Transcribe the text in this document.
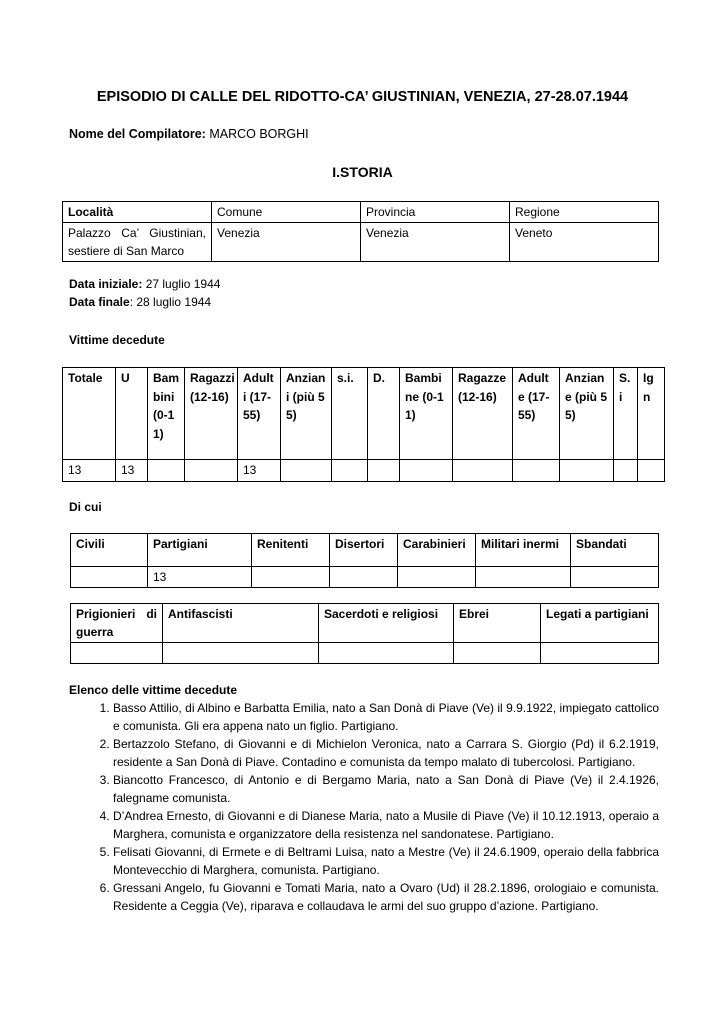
EPISODIO DI CALLE DEL RIDOTTO-CA’ GIUSTINIAN, VENEZIA, 27-28.07.1944
Nome del Compilatore: MARCO BORGHI
I.STORIA
Località	Comune	Provincia	Regione
Palazzo Ca’ Giustinian, sestiere di San Marco	Venezia	Venezia	Veneto
Data iniziale: 27 luglio 1944
Data finale: 28 luglio 1944
Vittime decedute
Totale	U	Bambini (0-11)	Ragazzi (12-16)	Adulti (17-55)	Anziani (più 55)	s.i.	D.	Bambine (0-11)	Ragazze (12-16)	Adulte (17-55)	Anziane (più 55)	S. i	Ign
13	13			13									
Di cui
Civili	Partigiani	Renitenti	Disertori	Carabinieri	Militari inermi	Sbandati
	13					
Prigionieri di guerra	Antifascisti	Sacerdoti e religiosi	Ebrei	Legati a partigiani

Elenco delle vittime decedute
1. Basso Attilio, di Albino e Barbatta Emilia, nato a San Donà di Piave (Ve) il 9.9.1922, impiegato cattolico e comunista. Gli era appena nato un figlio. Partigiano.
2. Bertazzolo Stefano, di Giovanni e di Michielon Veronica, nato a Carrara S. Giorgio (Pd) il 6.2.1919, residente a San Donà di Piave. Contadino e comunista da tempo malato di tubercolosi. Partigiano.
3. Biancotto Francesco, di Antonio e di Bergamo Maria, nato a San Donà di Piave (Ve) il 2.4.1926, falegname comunista.
4. D’Andrea Ernesto, di Giovanni e di Dianese Maria, nato a Musile di Piave (Ve) il 10.12.1913, operaio a Marghera, comunista e organizzatore della resistenza nel sandonatese. Partigiano.
5. Felisati Giovanni, di Ermete e di Beltrami Luisa, nato a Mestre (Ve) il 24.6.1909, operaio della fabbrica Montevecchio di Marghera, comunista. Partigiano.
6. Gressani Angelo, fu Giovanni e Tomati Maria, nato a Ovaro (Ud) il 28.2.1896, orologiaio e comunista. Residente a Ceggia (Ve), riparava e collaudava le armi del suo gruppo d’azione. Partigiano.
